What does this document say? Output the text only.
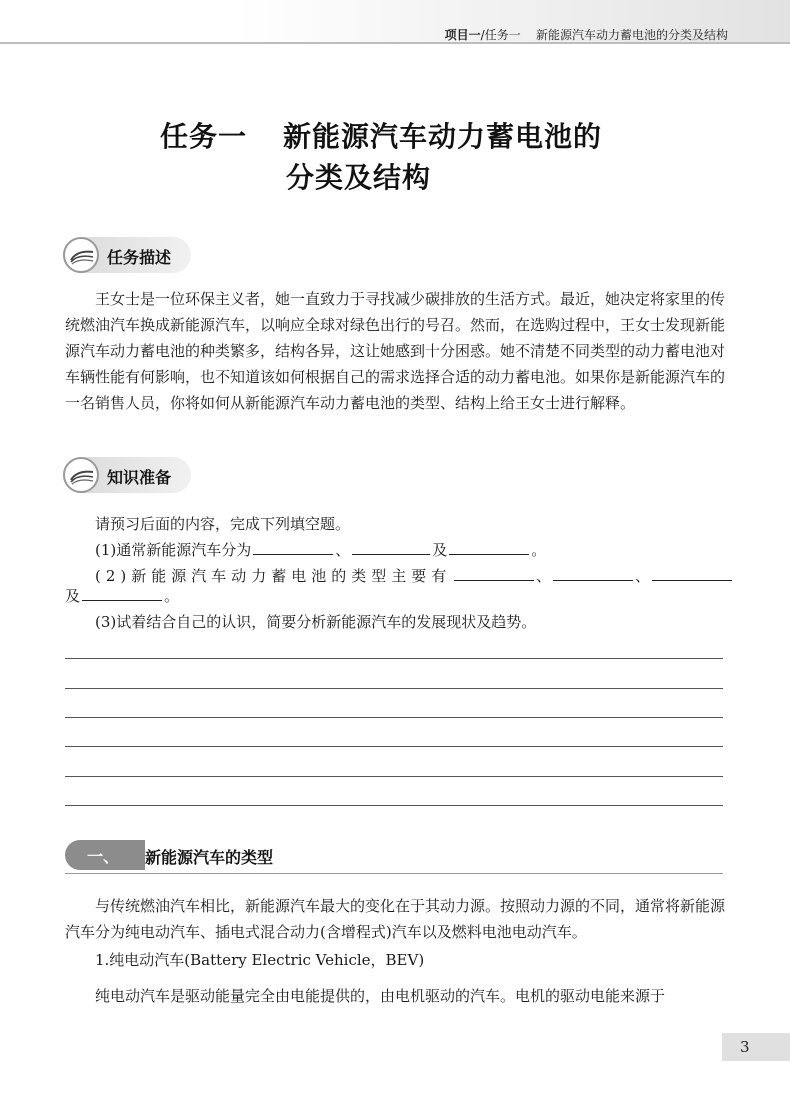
项目一/任务一 新能源汽车动力蓄电池的分类及结构
任务一 新能源汽车动力蓄电池的
分类及结构
任务描述
王女士是一位环保主义者，她一直致力于寻找减少碳排放的生活方式。最近，她决定将家里的传统燃油汽车换成新能源汽车，以响应全球对绿色出行的号召。然而，在选购过程中，王女士发现新能源汽车动力蓄电池的种类繁多，结构各异，这让她感到十分困惑。她不清楚不同类型的动力蓄电池对车辆性能有何影响，也不知道该如何根据自己的需求选择合适的动力蓄电池。如果你是新能源汽车的一名销售人员，你将如何从新能源汽车动力蓄电池的类型、结构上给王女士进行解释。
知识准备
请预习后面的内容，完成下列填空题。
(1)通常新能源汽车分为	、	及	。
(2)新能源汽车动力蓄电池的类型主要有	、	、
及	。
(3)试着结合自己的认识，简要分析新能源汽车的发展现状及趋势。
一、 新能源汽车的类型
与传统燃油汽车相比，新能源汽车最大的变化在于其动力源。按照动力源的不同，通常将新能源汽车分为纯电动汽车、插电式混合动力(含增程式)汽车以及燃料电池电动汽车。
1.纯电动汽车(Battery Electric Vehicle，BEV)
纯电动汽车是驱动能量完全由电能提供的，由电机驱动的汽车。电机的驱动电能来源于
3
